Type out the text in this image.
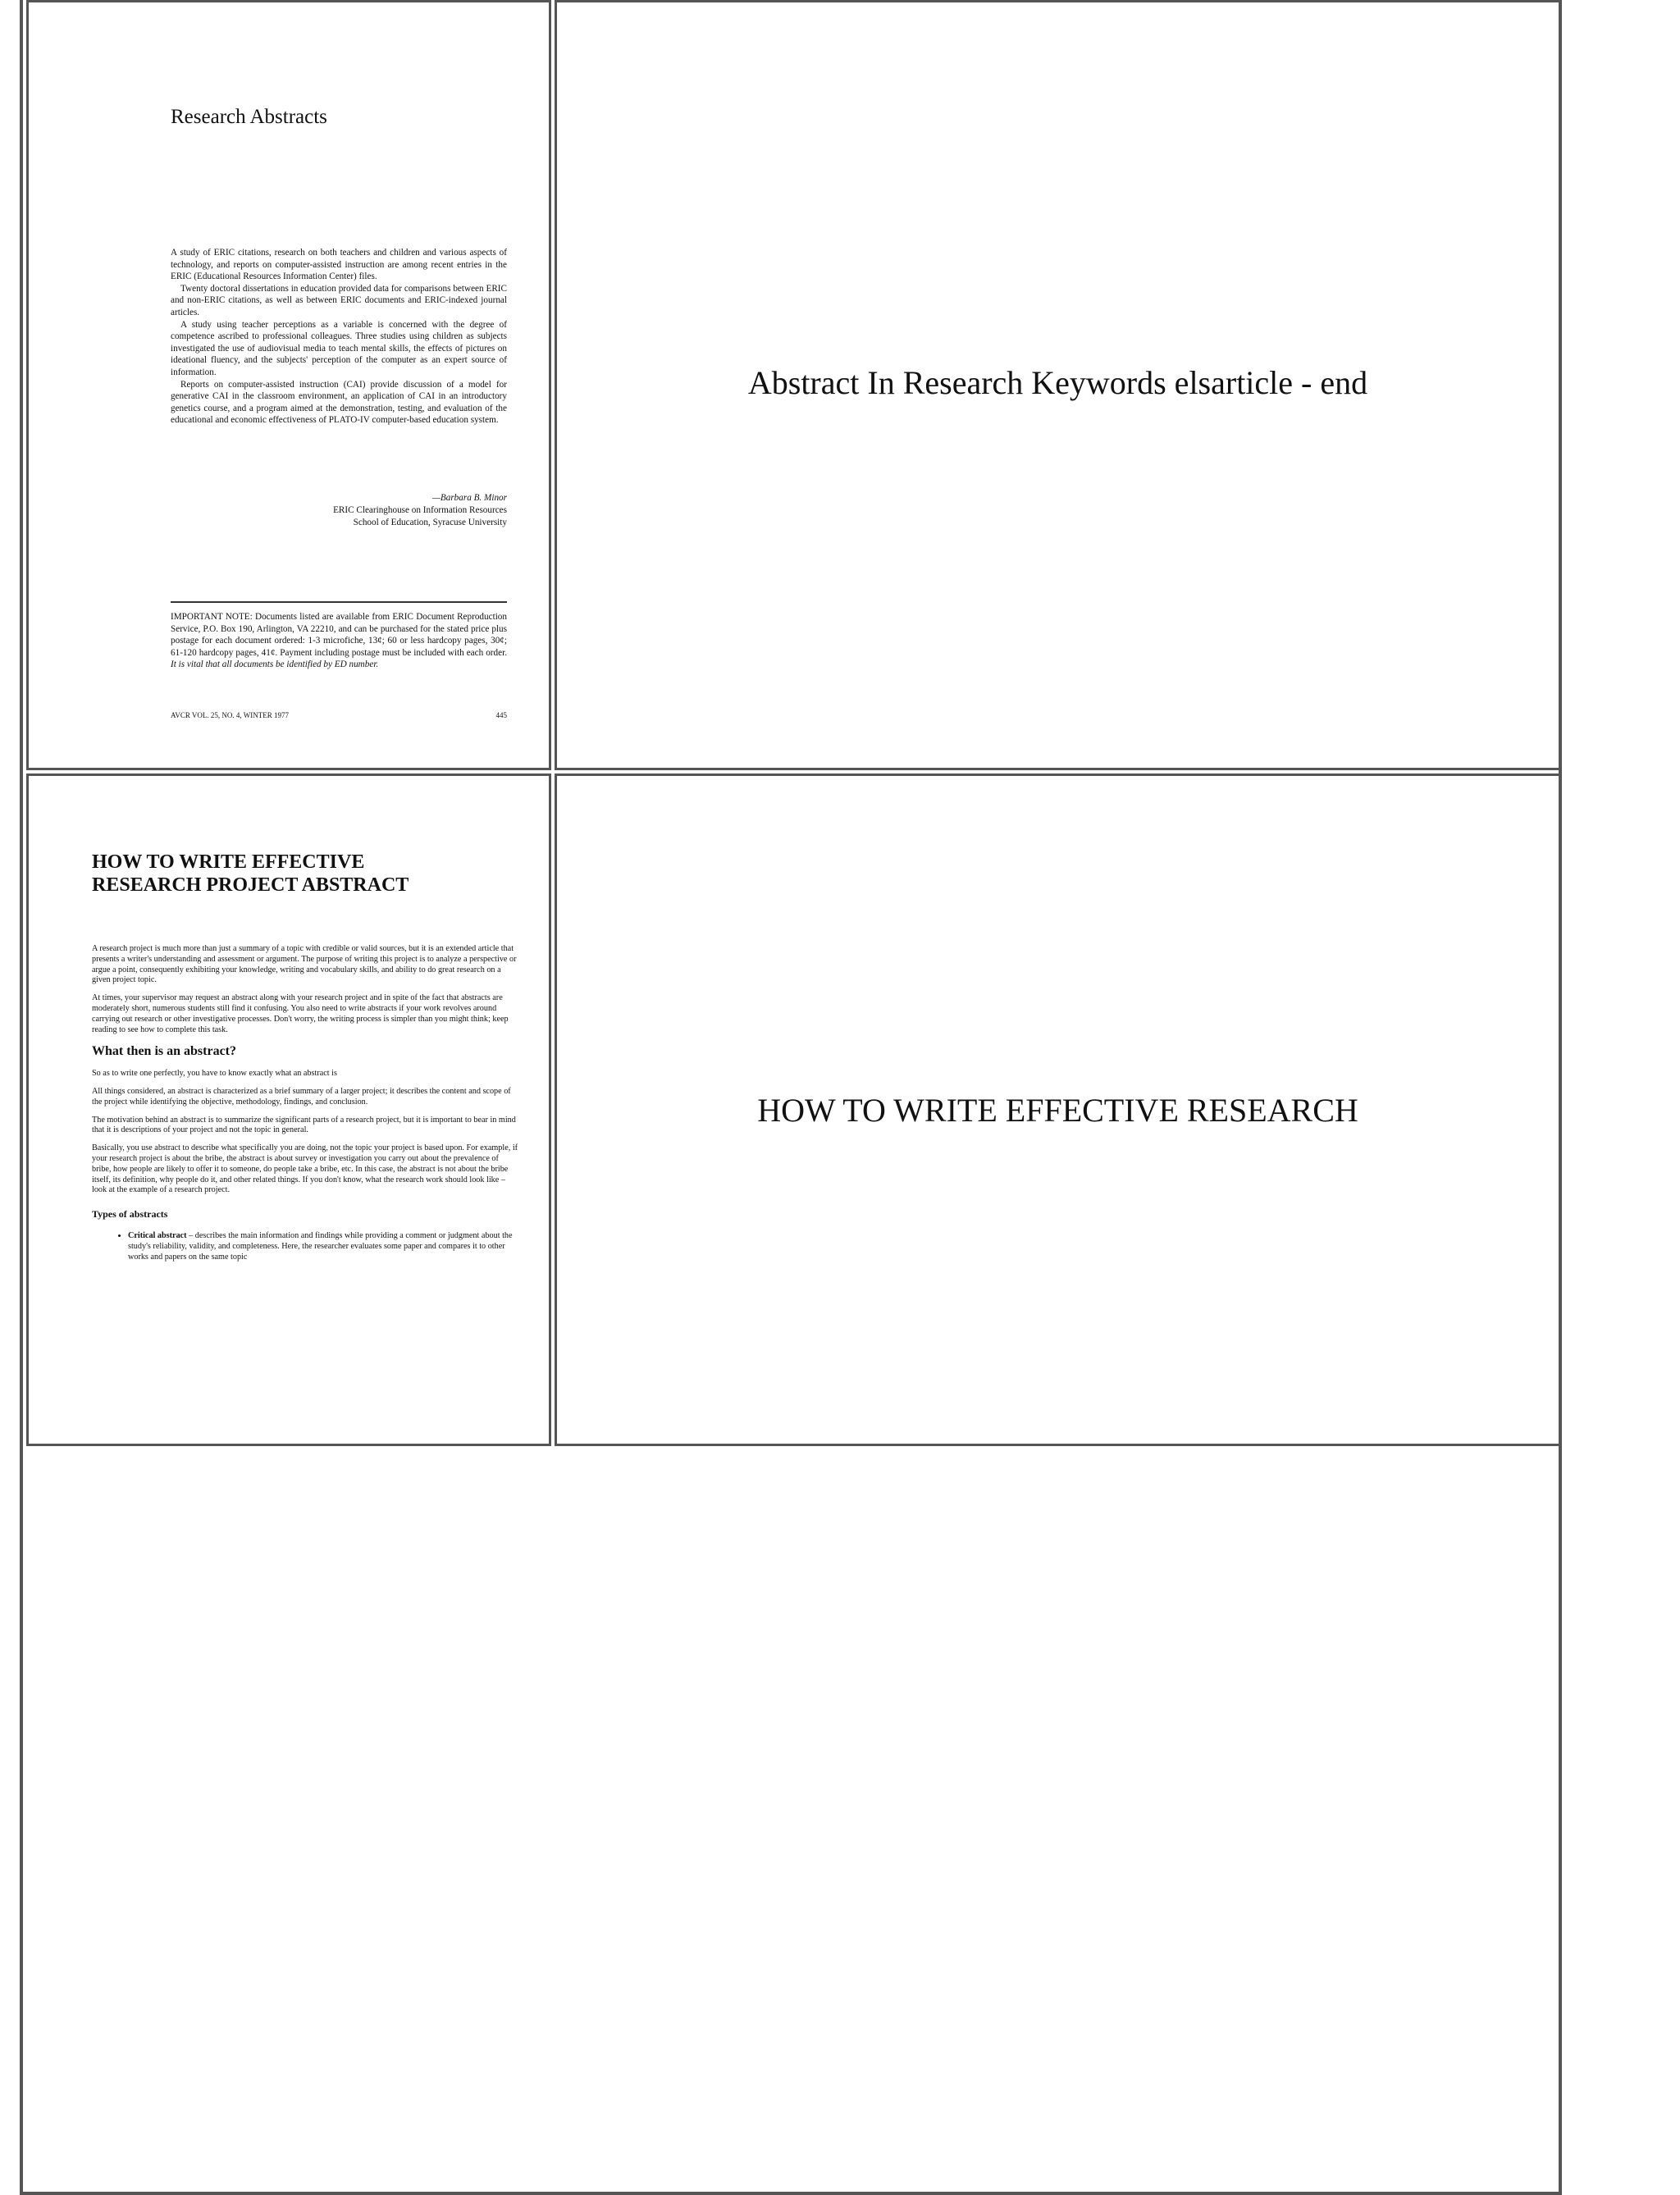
Research Abstracts

A study of ERIC citations, research on both teachers and children and various aspects of technology, and reports on computer-assisted instruction are among recent entries in the ERIC (Educational Resources Information Center) files.

Twenty doctoral dissertations in education provided data for comparisons between ERIC and non-ERIC citations, as well as between ERIC documents and ERIC-indexed journal articles.

A study using teacher perceptions as a variable is concerned with the degree of competence ascribed to professional colleagues. Three studies using children as subjects investigated the use of audiovisual media to teach mental skills, the effects of pictures on ideational fluency, and the subjects' perception of the computer as an expert source of information.

Reports on computer-assisted instruction (CAI) provide discussion of a model for generative CAI in the classroom environment, an application of CAI in an introductory genetics course, and a program aimed at the demonstration, testing, and evaluation of the educational and economic effectiveness of PLATO-IV computer-based education system.

—Barbara B. Minor
ERIC Clearinghouse on Information Resources
School of Education, Syracuse University
IMPORTANT NOTE: Documents listed are available from ERIC Document Reproduction Service, P.O. Box 190, Arlington, VA 22210, and can be purchased for the stated price plus postage for each document ordered: 1-3 microfiche, 13¢; 60 or less hardcopy pages, 30¢; 61-120 hardcopy pages, 41¢. Payment including postage must be included with each order. It is vital that all documents be identified by ED number.
AVCR VOL. 25, NO. 4, WINTER 1977	445
Abstract In Research Keywords elsarticle - end
HOW TO WRITE EFFECTIVE
RESEARCH PROJECT ABSTRACT

A research project is much more than just a summary of a topic with credible or valid sources, but it is an extended article that presents a writer's understanding and assessment or argument. The purpose of writing this project is to analyze a perspective or argue a point, consequently exhibiting your knowledge, writing and vocabulary skills, and ability to do great research on a given project topic.

At times, your supervisor may request an abstract along with your research project and in spite of the fact that abstracts are moderately short, numerous students still find it confusing. You also need to write abstracts if your work revolves around carrying out research or other investigative processes. Don't worry, the writing process is simpler than you might think; keep reading to see how to complete this task.

What then is an abstract?

So as to write one perfectly, you have to know exactly what an abstract is

All things considered, an abstract is characterized as a brief summary of a larger project; it describes the content and scope of the project while identifying the objective, methodology, findings, and conclusion.

The motivation behind an abstract is to summarize the significant parts of a research project, but it is important to bear in mind that it is descriptions of your project and not the topic in general.

Basically, you use abstract to describe what specifically you are doing, not the topic your project is based upon. For example, if your research project is about the bribe, the abstract is about survey or investigation you carry out about the prevalence of bribe, how people are likely to offer it to someone, do people take a bribe, etc. In this case, the abstract is not about the bribe itself, its definition, why people do it, and other related things. If you don't know, what the research work should look like – look at the example of a research project.

Types of abstracts
• Critical abstract – describes the main information and findings while providing a comment or judgment about the study's reliability, validity, and completeness. Here, the researcher evaluates some paper and compares it to other works and papers on the same topic
HOW TO WRITE EFFECTIVE RESEARCH
